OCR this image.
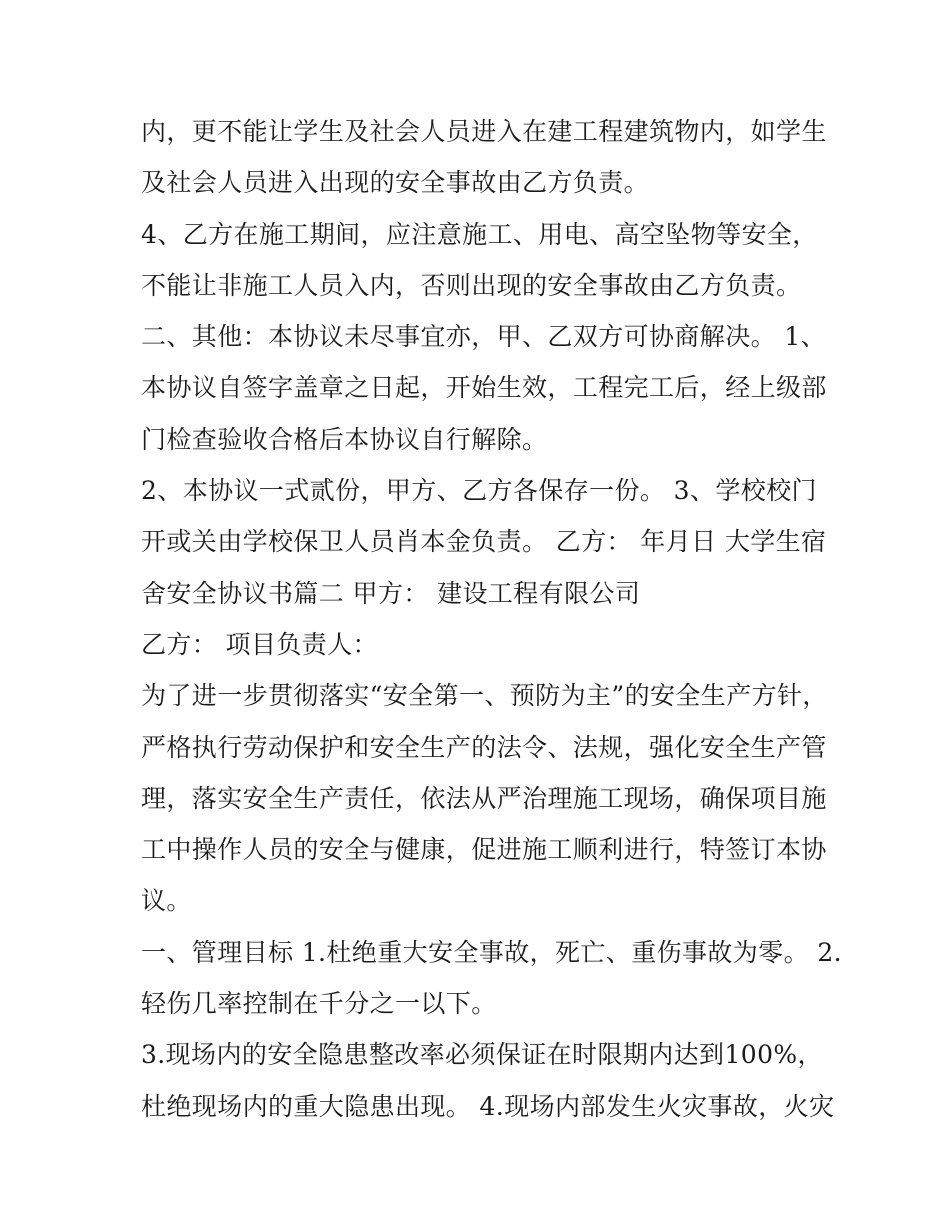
内，更不能让学生及社会人员进入在建工程建筑物内，如学生
及社会人员进入出现的安全事故由乙方负责。
4、乙方在施工期间，应注意施工、用电、高空坠物等安全，
不能让非施工人员入内，否则出现的安全事故由乙方负责。
二、其他：本协议未尽事宜亦，甲、乙双方可协商解决。 1、
本协议自签字盖章之日起，开始生效，工程完工后，经上级部
门检查验收合格后本协议自行解除。
2、本协议一式贰份，甲方、乙方各保存一份。 3、学校校门
开或关由学校保卫人员肖本金负责。 乙方： 年月日 大学生宿
舍安全协议书篇二 甲方： 建设工程有限公司
乙方： 项目负责人：
为了进一步贯彻落实“安全第一、预防为主”的安全生产方针，
严格执行劳动保护和安全生产的法令、法规，强化安全生产管
理，落实安全生产责任，依法从严治理施工现场，确保项目施
工中操作人员的安全与健康，促进施工顺利进行，特签订本协
议。
一、管理目标 1.杜绝重大安全事故，死亡、重伤事故为零。 2.
轻伤几率控制在千分之一以下。
3.现场内的安全隐患整改率必须保证在时限期内达到100%，
杜绝现场内的重大隐患出现。 4.现场内部发生火灾事故，火灾
